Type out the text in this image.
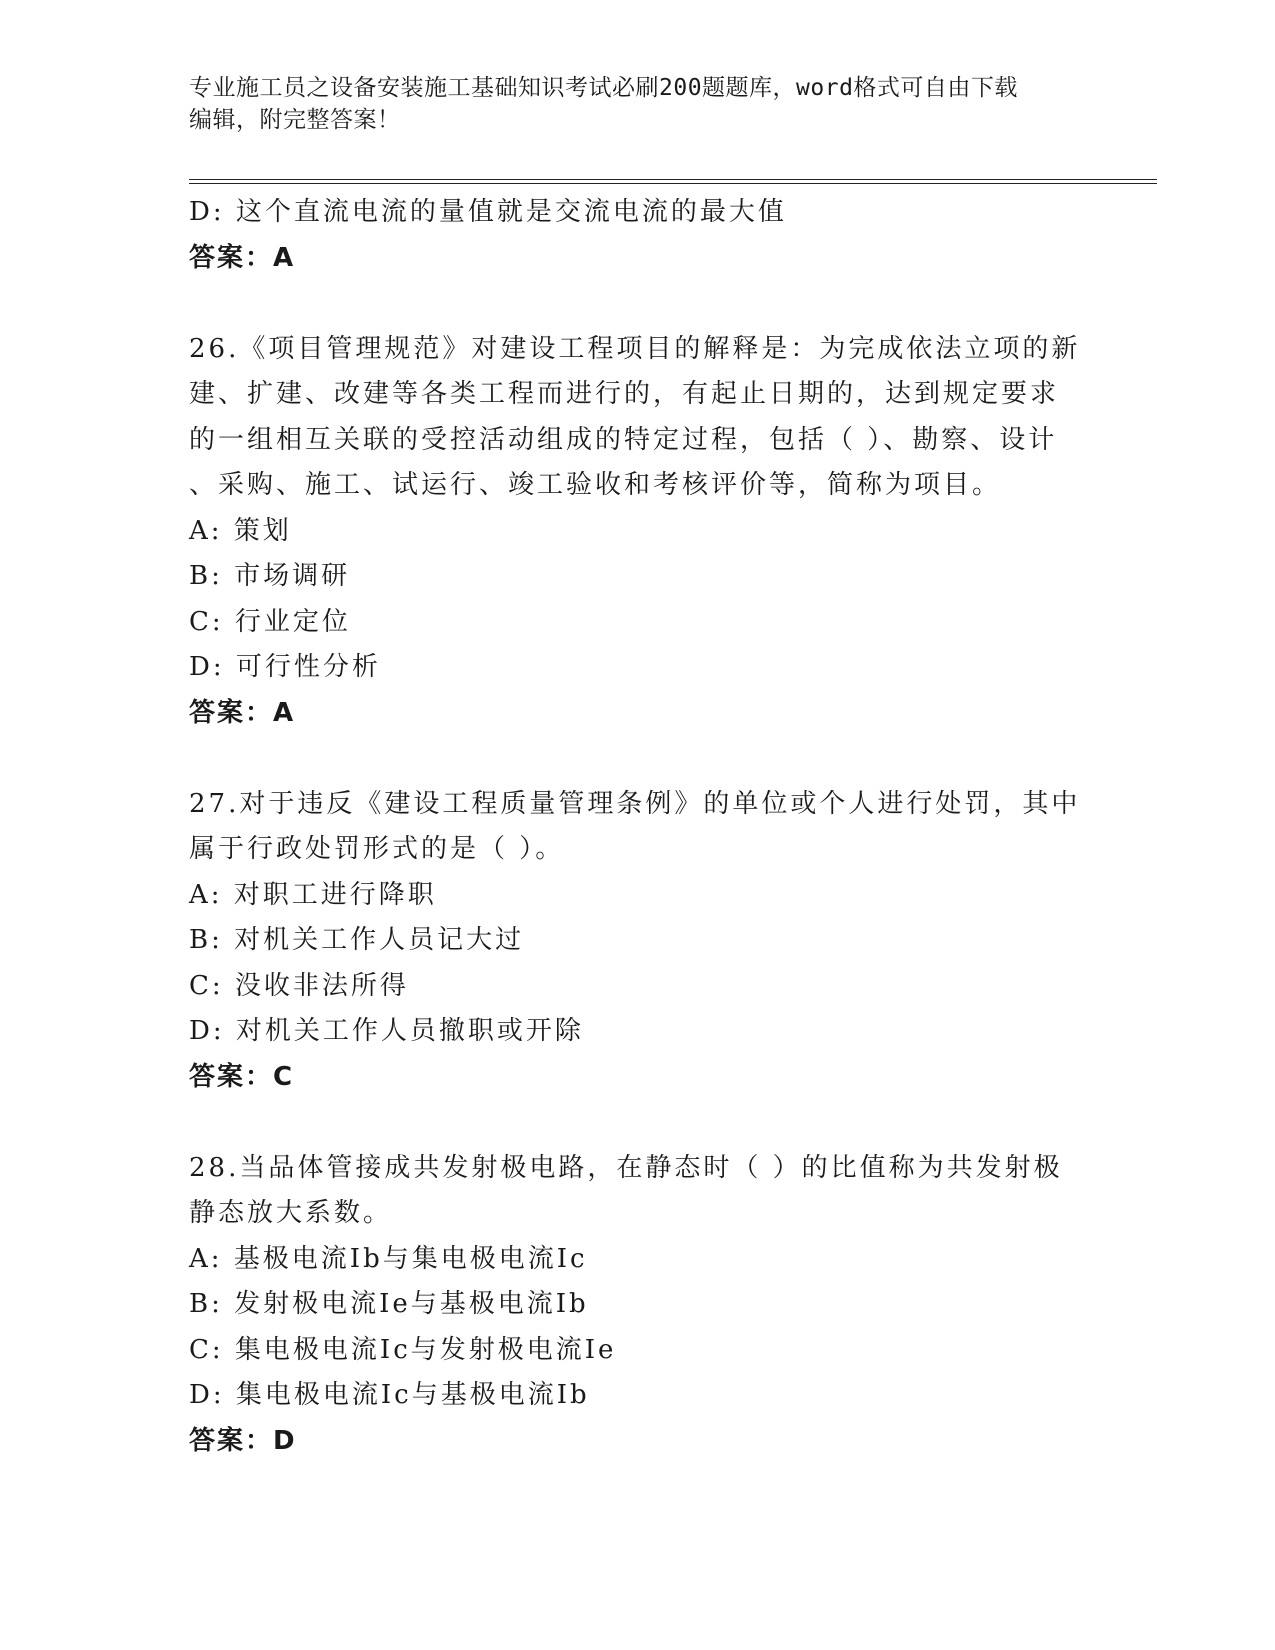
专业施工员之设备安装施工基础知识考试必刷200题题库，word格式可自由下载
编辑，附完整答案！
D: 这个直流电流的量值就是交流电流的最大值
答案：A
26.《项目管理规范》对建设工程项目的解释是：为完成依法立项的新
建、扩建、改建等各类工程而进行的，有起止日期的，达到规定要求
的一组相互关联的受控活动组成的特定过程，包括（ ）、勘察、设计
、采购、施工、试运行、竣工验收和考核评价等，简称为项目。
A: 策划
B: 市场调研
C: 行业定位
D: 可行性分析
答案：A
27.对于违反《建设工程质量管理条例》的单位或个人进行处罚，其中
属于行政处罚形式的是（ ）。
A: 对职工进行降职
B: 对机关工作人员记大过
C: 没收非法所得
D: 对机关工作人员撤职或开除
答案：C
28.当品体管接成共发射极电路，在静态时（ ）的比值称为共发射极
静态放大系数。
A: 基极电流Ib与集电极电流Ic
B: 发射极电流Ie与基极电流Ib
C: 集电极电流Ic与发射极电流Ie
D: 集电极电流Ic与基极电流Ib
答案：D
